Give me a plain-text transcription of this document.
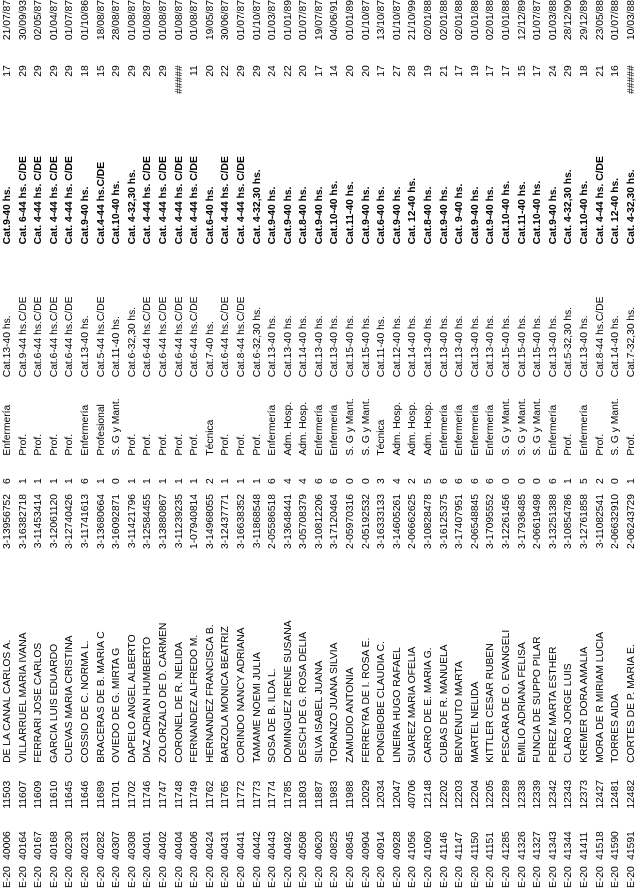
E-20	40006	11503	DE LA CANAL CARLOS A.	3-13956752	6	Enfermería	Cat.13-40 hs.	Cat.9-40 hs.	17	21/07/87
E-20	40164	11607	VILLARRUEL MARIA IVANA	3-16382718	1	Prof.	Cat.9-44 hs.C/DE	Cat. 6-44 hs. C/DE	29	30/09/93
E-20	40167	11609	FERRARI JOSE CARLOS	3-11453414	1	Prof.	Cat.6-44 hs.C/DE	Cat. 4-44 hs. C/DE	29	02/05/87
E-20	40168	11610	GARCIA LUIS EDUARDO	3-12061120	1	Prof.	Cat.6-44 hs.C/DE	Cat. 4-44 hs. C/DE	29	01/04/87
E-20	40230	11645	CUEVAS MARIA CRISTINA	3-12740426	1	Prof.	Cat.6-44 hs.C/DE	Cat. 4-44 hs. C/DE	29	01/07/87
E-20	40231	11646	COSSIO DE C. NORMA L.	3-11741613	6	Enfermería	Cat.13-40 hs.	Cat.9-40 hs.	18	01/10/86
E-20	40282	11689	BRACERAS DE B. MARIA C	3-13680664	1	Profesional	Cat.5-44 hs.C/DE	Cat.4-44 hs.C/DE	15	18/08/87
E-20	40307	11701	OVIEDO DE G. MIRTA G	3-16092871	0	S. G y Mant.	Cat.11-40 hs.	Cat.10-40 hs.	29	28/08/87
E-20	40308	11702	DAPELO ANGEL ALBERTO	3-11421796	1	Prof.	Cat.6-32,30 hs.	Cat. 4-32,30 hs.	29	01/08/87
E-20	40401	11746	DIAZ ADRIAN HUMBERTO	3-12584455	1	Prof.	Cat.6-44 hs.C/DE	Cat. 4-44 hs. C/DE	29	01/08/87
E-20	40402	11747	ZOLORZALO DE D. CARMEN	3-13880867	1	Prof.	Cat.6-44 hs.C/DE	Cat. 4-44 hs. C/DE	29	01/08/87
E-20	40404	11748	CORONEL DE R. NELIDA	3-11239235	1	Prof.	Cat.6-44 hs.C/DE	Cat. 4-44 hs. C/DE	#####	01/08/87
E-20	40406	11749	FERNANDEZ ALFREDO M.	1-07940814	1	Prof.	Cat.6-44 hs.C/DE	Cat. 4-44 hs. C/DE	11	01/08/87
E-20	40424	11762	HERNANDEZ FRANCISCA B.	3-14968055	2	Técnica	Cat.7-40 hs.	Cat.6-40 hs.	20	19/05/87
E-20	40431	11765	BARZOLA MONICA BEATRIZ	3-12437771	1	Prof.	Cat.6-44 hs.C/DE	Cat. 4-44 hs. C/DE	22	30/06/87
E-20	40441	11772	CORINDO NANCY ADRIANA	3-16638352	1	Prof.	Cat.8-44 hs.C/DE	Cat. 4-44 hs. C/DE	29	01/07/87
E-20	40442	11773	TAMAME NOEMI JULIA	3-11868548	1	Prof.	Cat.6-32,30 hs.	Cat. 4-32,30 hs.	29	01/10/87
E-20	40443	11774	SOSA DE B. ILDA L.	2-05586518	6	Enfermería	Cat.13-40 hs.	Cat.9-40 hs.	24	01/03/87
E-20	40492	11785	DOMINGUEZ IRENE SUSANA	3-13648441	4	Adm. Hosp.	Cat.13-40 hs.	Cat.9-40 hs.	22	01/01/89
E-20	40508	11803	DESCH DE G. ROSA DELIA	3-05708379	4	Adm. Hosp.	Cat.14-40 hs.	Cat.8-40 hs.	20	01/07/87
E-20	40620	11887	SILVA ISABEL JUANA	3-10812206	6	Enfermería	Cat.13-40 hs.	Cat.9-40 hs.	17	19/07/87
E-20	40825	11983	TORANZO JUANA SILVIA	3-17120464	6	Enfermería	Cat.13-40 hs.	Cat.10-40 hs.	14	04/06/91
E-20	40845	11988	ZAMUDIO ANTONIA	2-05970316	0	S. G y Mant.	Cat.15-40 hs.	Cat.11-40 hs.	20	01/01/89
E-20	40904	12029	FERREYRA DE I. ROSA E.	2-05192532	0	S. G y Mant.	Cat.15-40 hs.	Cat.9-40 hs.	20	01/10/87
E-20	40914	12034	PONGIBOBE CLAUDIA C.	3-16333133	3	Técnica	Cat.11-40 hs.	Cat.6-40 hs.	17	13/10/87
E-20	40928	12047	LINEIRA HUGO RAFAEL	3-14605261	4	Adm. Hosp.	Cat.12-40 hs.	Cat.9-40 hs.	27	01/10/87
E-20	41056	40706	SUAREZ MARIA OFELIA	2-06662625	2	Adm. Hosp.	Cat.14-40 hs.	Cat. 12-40 hs.	28	21/10/99
E-20	41060	12148	CARRO DE E. MARIA G.	3-10828478	5	Adm. Hosp.	Cat.13-40 hs.	Cat.8-40 hs.	19	02/01/88
E-20	41146	12202	CUBAS DE R. MANUELA	3-16125375	6	Enfermería	Cat.13-40 hs.	Cat.9-40 hs.	21	02/01/88
E-20	41147	12203	BENVENUTO MARTA	3-17407951	6	Enfermería	Cat.13-40 hs.	Cat. 9-40 hs.	17	02/01/88
E-20	41150	12204	MARTEL NELIDA	2-06548845	6	Enfermería	Cat.13-40 hs.	Cat.9-40 hs.	19	01/01/88
E-20	41151	12205	KITTLER CESAR RUBEN	3-17095552	6	Enfermería	Cat.13-40 hs.	Cat.9-40 hs.	17	02/01/88
E-20	41285	12289	PESCARA DE O. EVANGELI	3-12261456	0	S. G y Mant.	Cat.15-40 hs.	Cat.10-40 hs.	17	01/01/88
E-20	41326	12338	EMILIO ADRIANA FELISA	3-17936485	0	S. G y Mant.	Cat.15-40 hs.	Cat.11-40 hs.	15	12/12/89
E-20	41327	12339	FUNCIA DE SUPPO PILAR	2-06619498	0	S. G y Mant.	Cat.15-40 hs.	Cat.10-40 hs.	17	01/07/87
E-20	41343	12342	PEREZ MARTA ESTHER	3-13251388	6	Enfermería	Cat.13-40 hs.	Cat.9-40 hs.	24	01/03/88
E-20	41344	12343	CLARO JORGE LUIS	3-10854786	1	Prof.	Cat.5-32,30 hs.	Cat. 4-32,30 hs.	29	28/12/90
E-20	41411	12373	KREMER DORA AMALIA	3-12761858	5	Enfermería	Cat.13-40 hs.	Cat.10-40 hs.	18	29/12/89
E-20	41518	12427	MORA DE R MIRIAM LUCIA	3-11082541	2	Prof.	Cat.8-44 hs.C/DE	Cat. 4-44 hs. C/DE	21	23/05/88
E-20	41590	12481	TORRES AIDA	2-06632910	0	S. G y Mant.	Cat.14-40 hs.	Cat. 12-40 hs.	16	01/07/88
E-20	41591	12482	CORTES DE P. MARIA E.	2-06243729	1	Prof.	Cat.7-32,30 hs.	Cat. 4-32,30 hs.	#####	10/03/88
